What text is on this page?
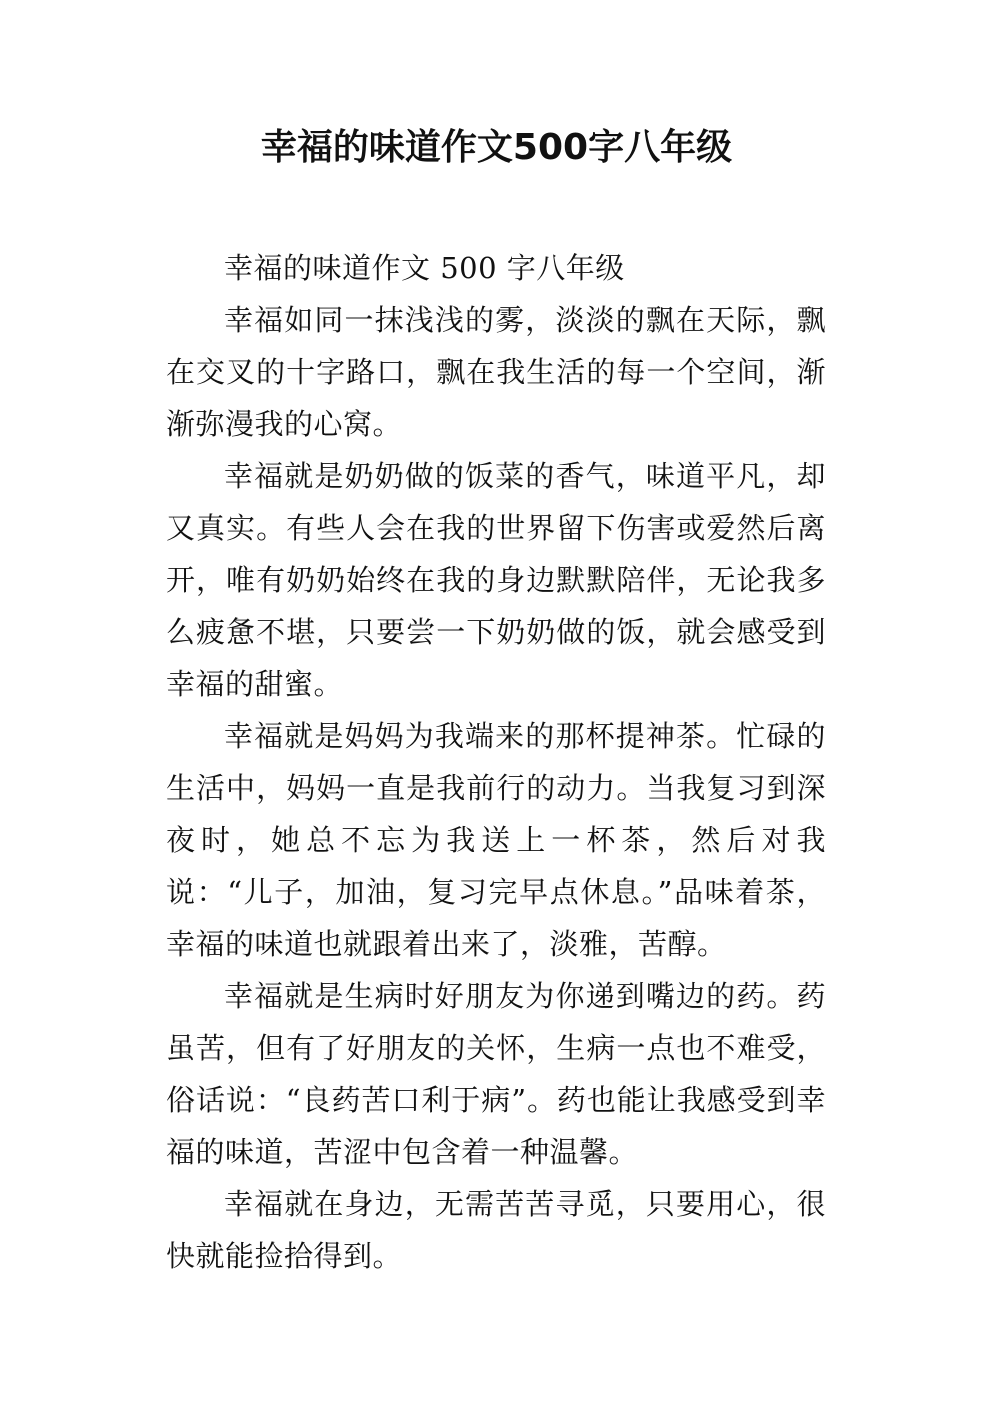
幸福的味道作文500字八年级

幸福的味道作文 500 字八年级

幸福如同一抹浅浅的雾，淡淡的飘在天际，飘在交叉的十字路口，飘在我生活的每一个空间，渐渐弥漫我的心窝。

幸福就是奶奶做的饭菜的香气，味道平凡，却又真实。有些人会在我的世界留下伤害或爱然后离开，唯有奶奶始终在我的身边默默陪伴，无论我多么疲惫不堪，只要尝一下奶奶做的饭，就会感受到幸福的甜蜜。

幸福就是妈妈为我端来的那杯提神茶。忙碌的生活中，妈妈一直是我前行的动力。当我复习到深夜时，她总不忘为我送上一杯茶，然后对我说：“儿子，加油，复习完早点休息。”品味着茶，幸福的味道也就跟着出来了，淡雅，苦醇。

幸福就是生病时好朋友为你递到嘴边的药。药虽苦，但有了好朋友的关怀，生病一点也不难受，俗话说：“良药苦口利于病”。药也能让我感受到幸福的味道，苦涩中包含着一种温馨。

幸福就在身边，无需苦苦寻觅，只要用心，很快就能捡拾得到。
